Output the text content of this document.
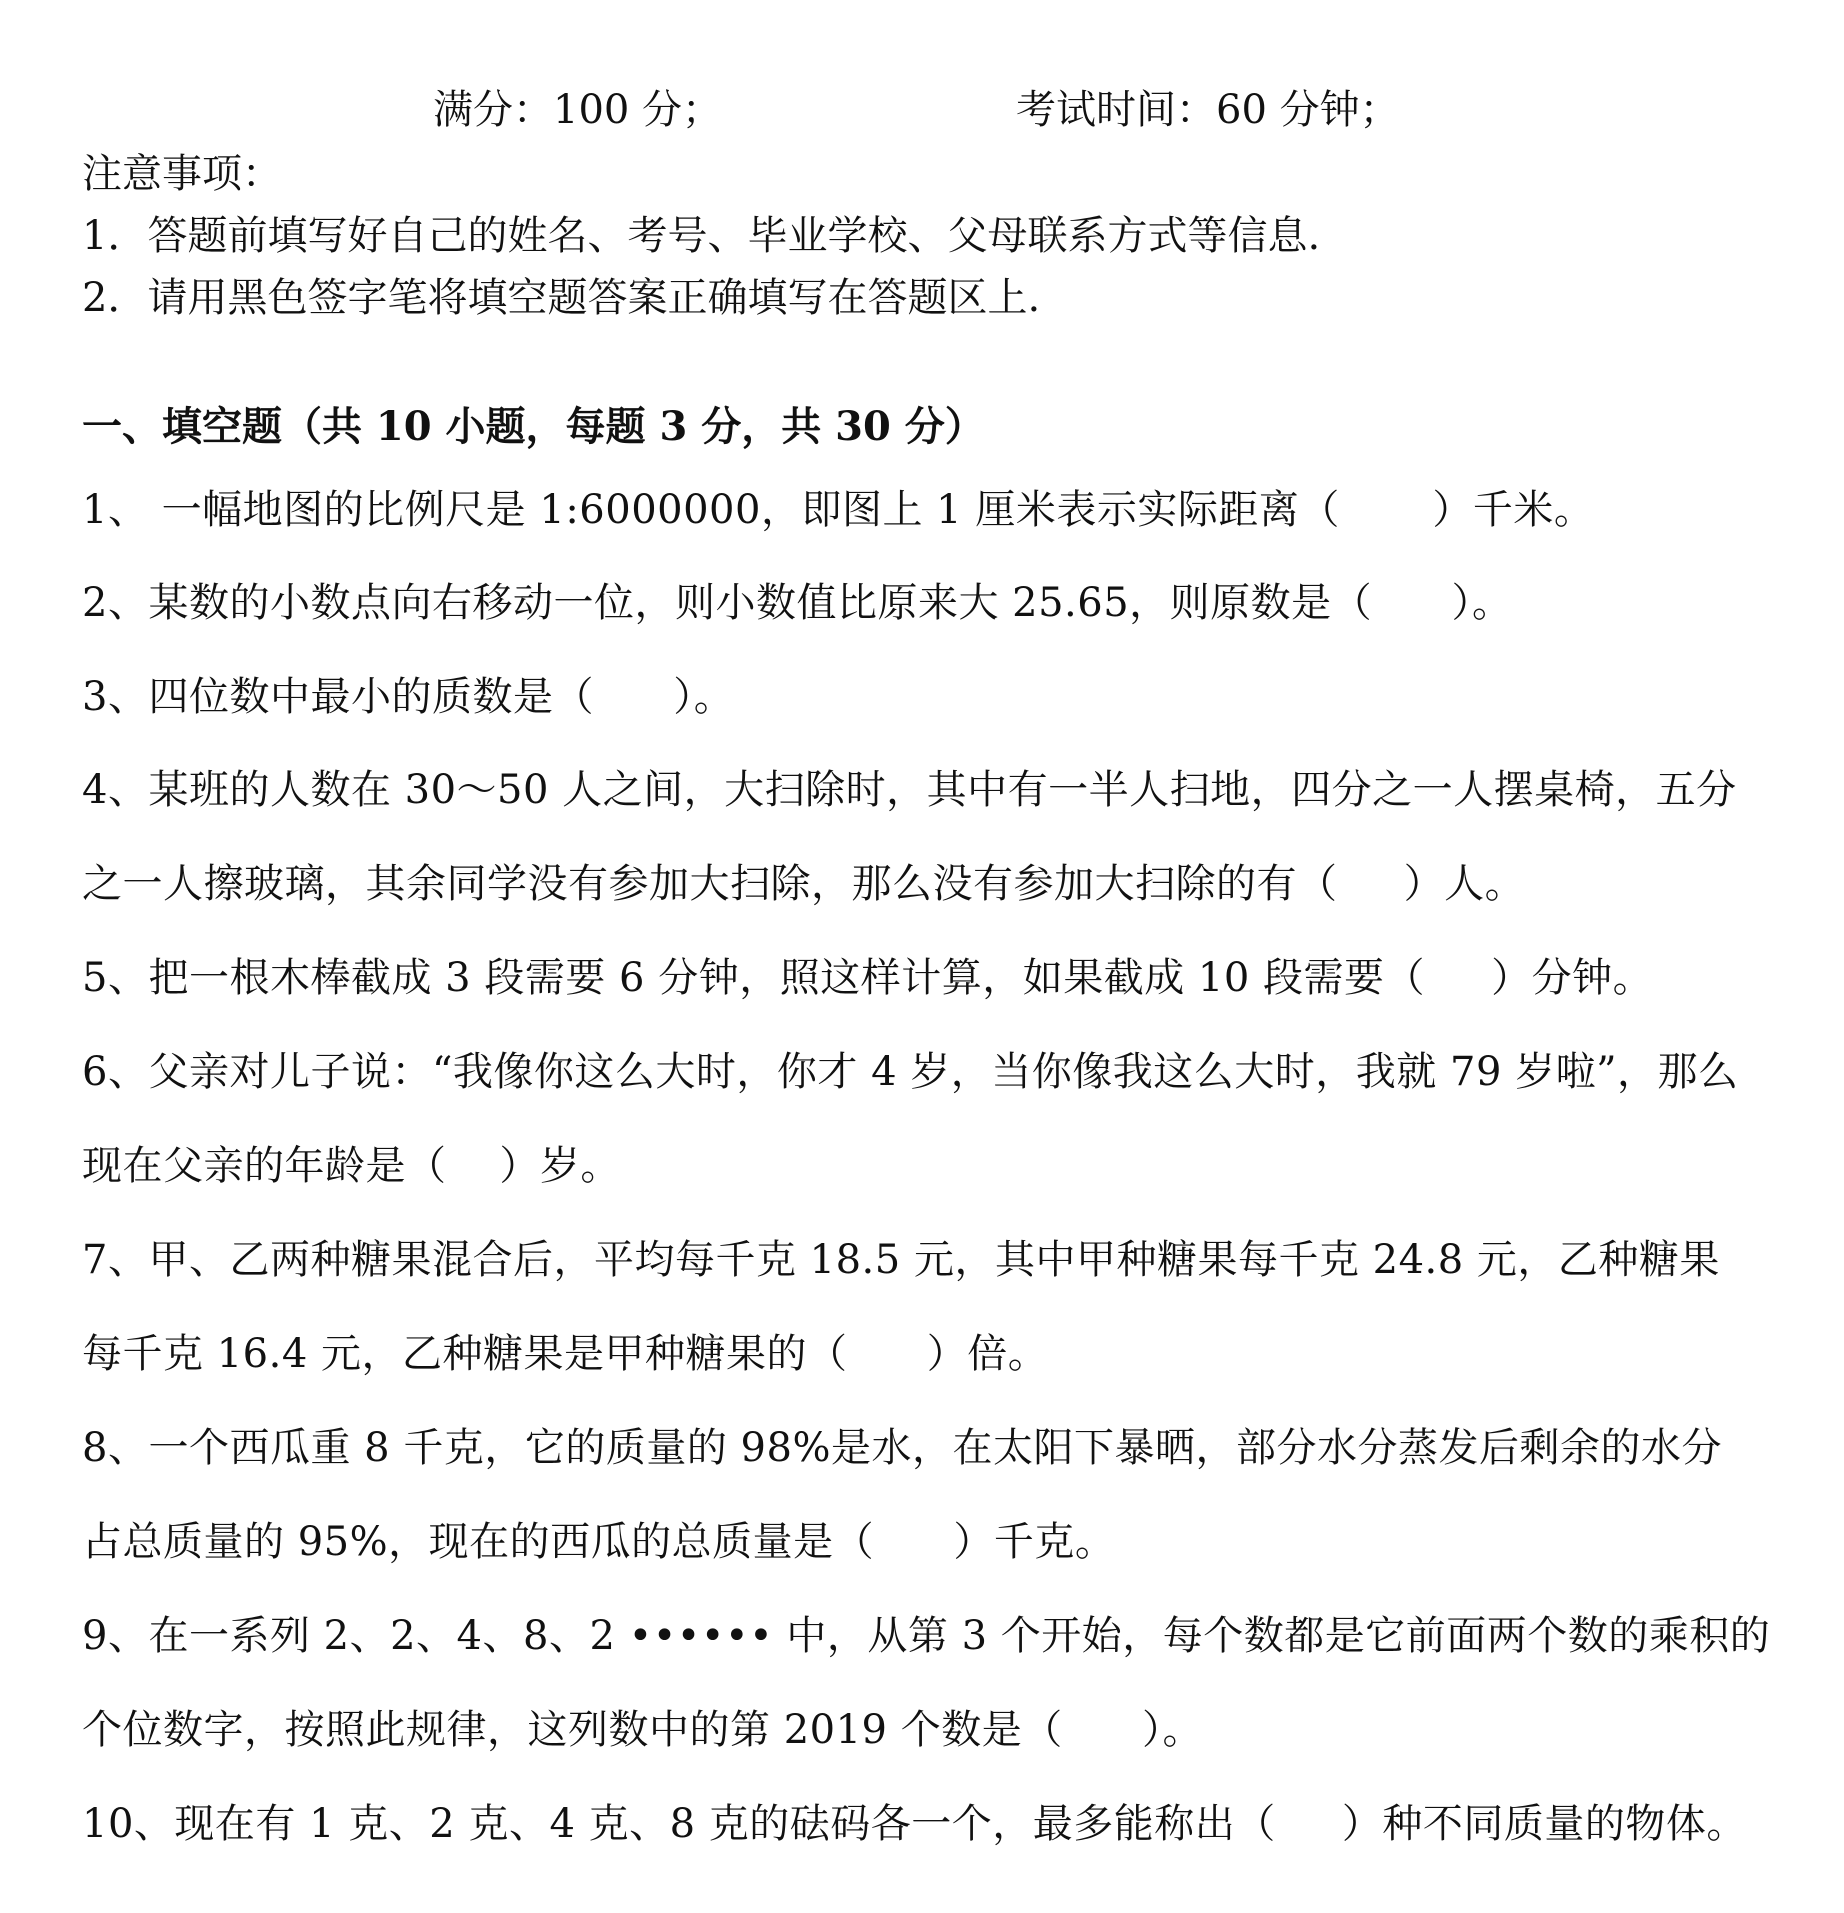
满分：100 分；	考试时间：60 分钟；
注意事项：
1．答题前填写好自己的姓名、考号、毕业学校、父母联系方式等信息.
2．请用黑色签字笔将填空题答案正确填写在答题区上.
一、填空题（共 10 小题，每题 3 分，共 30 分）
1、 一幅地图的比例尺是 1:6000000，即图上 1 厘米表示实际距离（ ）千米。
2、某数的小数点向右移动一位，则小数值比原来大 25.65，则原数是（ ）。
3、四位数中最小的质数是（ ）。
4、某班的人数在 30～50 人之间，大扫除时，其中有一半人扫地，四分之一人摆桌椅，五分
之一人擦玻璃，其余同学没有参加大扫除，那么没有参加大扫除的有（ ）人。
5、把一根木棒截成 3 段需要 6 分钟，照这样计算，如果截成 10 段需要（ ）分钟。
6、父亲对儿子说：“我像你这么大时，你才 4 岁，当你像我这么大时，我就 79 岁啦”，那么
现在父亲的年龄是（ ）岁。
7、甲、乙两种糖果混合后，平均每千克 18.5 元，其中甲种糖果每千克 24.8 元，乙种糖果
每千克 16.4 元，乙种糖果是甲种糖果的（ ）倍。
8、一个西瓜重 8 千克，它的质量的 98%是水，在太阳下暴晒，部分水分蒸发后剩余的水分
占总质量的 95%，现在的西瓜的总质量是（ ）千克。
9、在一系列 2、2、4、8、2 •••••• 中，从第 3 个开始，每个数都是它前面两个数的乘积的
个位数字，按照此规律，这列数中的第 2019 个数是（ ）。
10、现在有 1 克、2 克、4 克、8 克的砝码各一个，最多能称出（ ）种不同质量的物体。
